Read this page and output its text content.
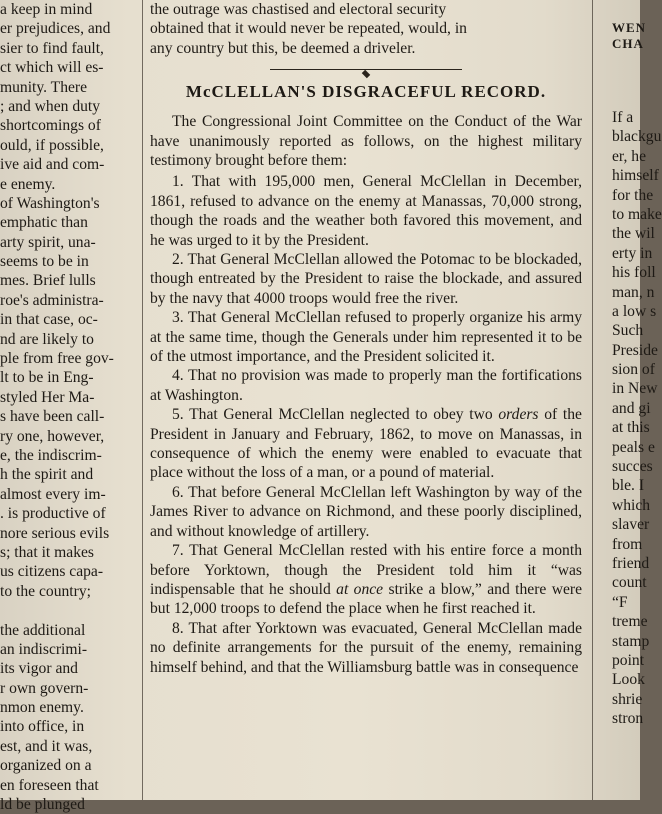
a keep in mind
er prejudices, and
sier to find fault,
ct which will es-
munity. There
; and when duty
shortcomings of
ould, if possible,
ive aid and com-
e enemy.
of Washington's
emphatic than
arty spirit, una-
seems to be in
mes. Brief lulls
roe's administra-
in that case, oc-
nd are likely to
ple from free gov-
lt to be in Eng-
styled Her Ma-
s have been call-
ry one, however,
e, the indiscrim-
h the spirit and
almost every im-
. is productive of
nore serious evils
s; that it makes
us citizens capa-
to the country;
the additional
an indiscrimi-
its vigor and
r own govern-
nmon enemy.
into office, in
est, and it was,
organized on a
en foreseen that
ld be plunged
the outrage was chastised and electoral security
obtained that it would never be repeated, would, in
any country but this, be deemed a driveler.
McCLELLAN'S DISGRACEFUL RECORD.

The Congressional Joint Committee on the Conduct of the War have unanimously reported as follows, on the highest military testimony brought before them:

1. That with 195,000 men, General McClellan in December, 1861, refused to advance on the enemy at Manassas, 70,000 strong, though the roads and the weather both favored this movement, and he was urged to it by the President.

2. That General McClellan allowed the Potomac to be blockaded, though entreated by the President to raise the blockade, and assured by the navy that 4000 troops would free the river.

3. That General McClellan refused to properly organize his army at the same time, though the Generals under him represented it to be of the utmost importance, and the President solicited it.

4. That no provision was made to properly man the fortifications at Washington.

5. That General McClellan neglected to obey two orders of the President in January and February, 1862, to move on Manassas, in consequence of which the enemy were enabled to evacuate that place without the loss of a man, or a pound of material.

6. That before General McClellan left Washington by way of the James River to advance on Richmond, and these poorly disciplined, and without knowledge of artillery.

7. That General McClellan rested with his entire force a month before Yorktown, though the President told him it “was indispensable that he should at once strike a blow,” and there were but 12,000 troops to defend the place when he first reached it.

8. That after Yorktown was evacuated, General McClellan made no definite arrangements for the pursuit of the enemy, remaining himself behind, and that the Williamsburg battle was in consequence

WEN
CHA
If a
blackgu
er, he
himself
for the
to make
the wil
erty in
his foll
man, n
a low s
Such
Preside
sion of
in New
and gi
at this
peals e
succes
ble. I
which
slaver
from
friend
count
“F
treme
stamp
point
Look
shrie
stron
